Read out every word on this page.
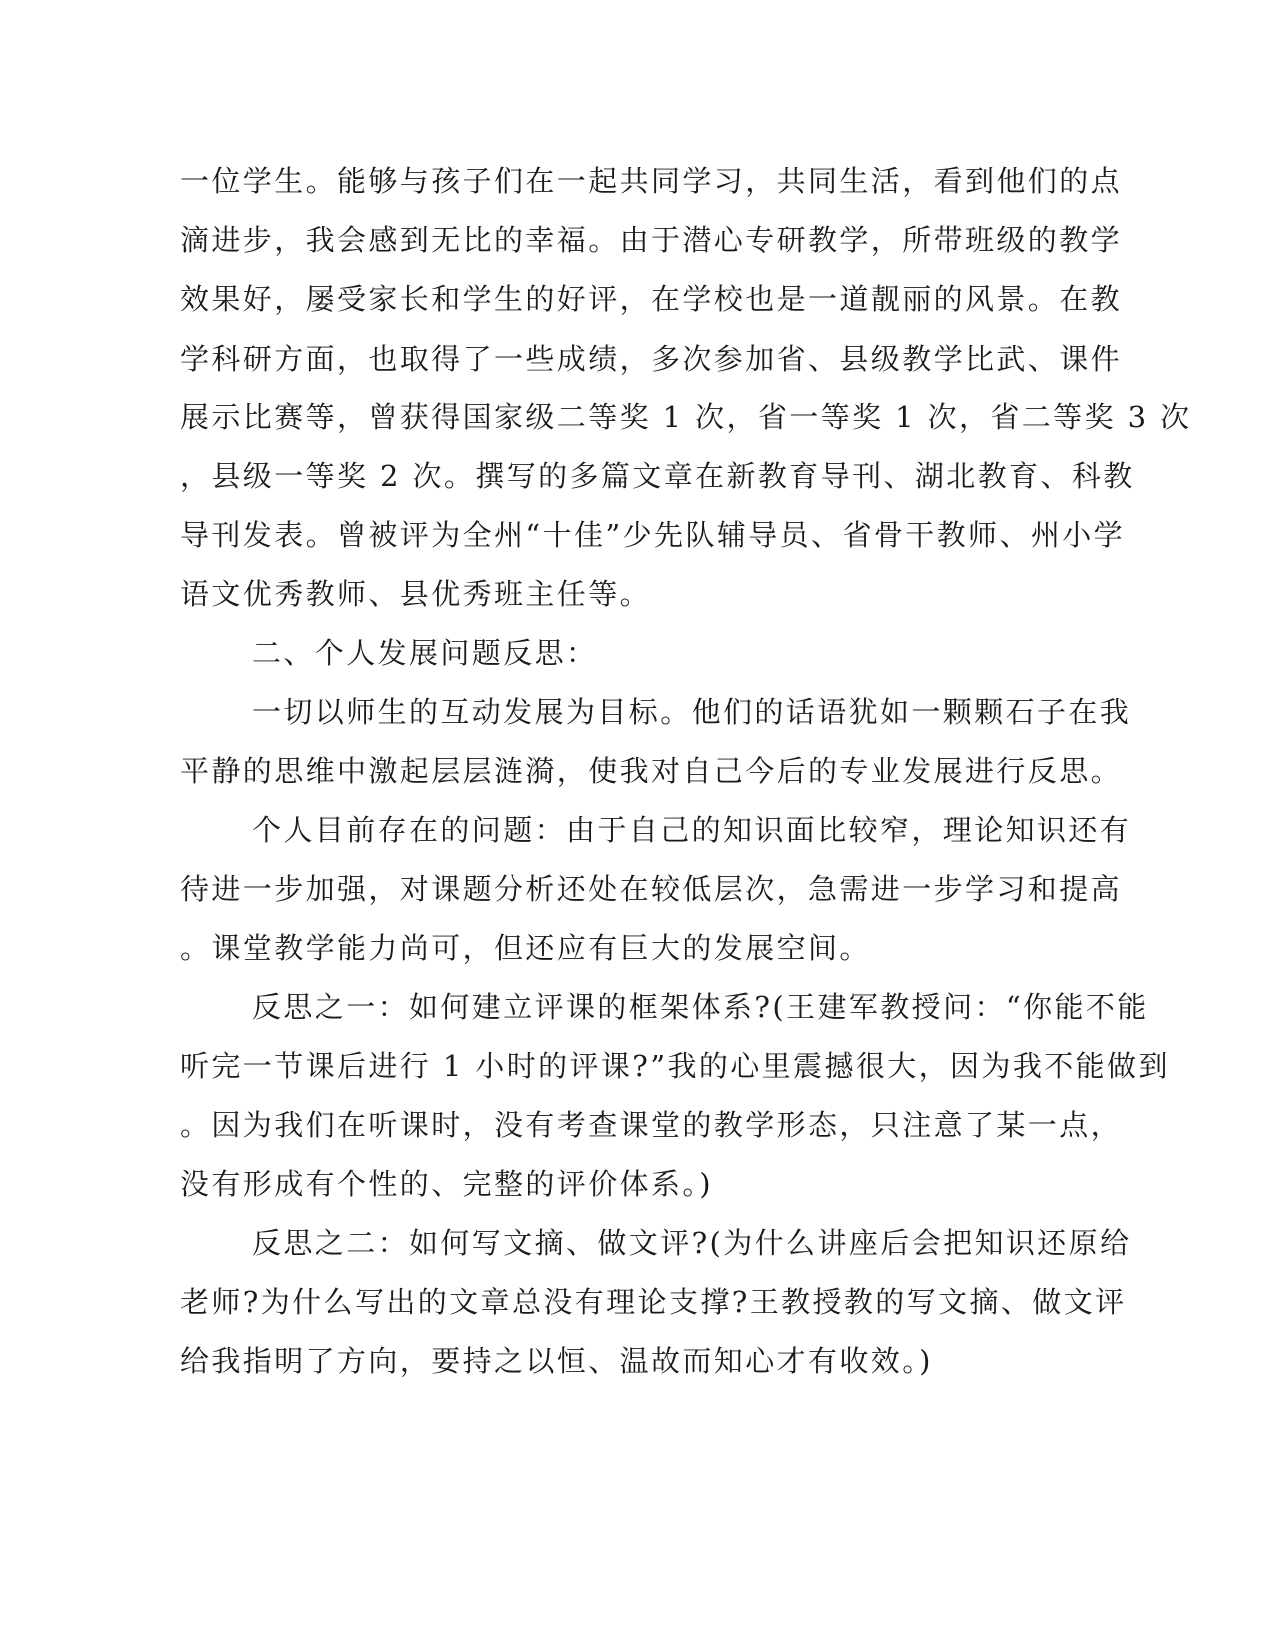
一位学生。能够与孩子们在一起共同学习，共同生活，看到他们的点
滴进步，我会感到无比的幸福。由于潜心专研教学，所带班级的教学
效果好，屡受家长和学生的好评，在学校也是一道靓丽的风景。在教
学科研方面，也取得了一些成绩，多次参加省、县级教学比武、课件
展示比赛等，曾获得国家级二等奖 1 次，省一等奖 1 次，省二等奖 3 次
，县级一等奖 2 次。撰写的多篇文章在新教育导刊、湖北教育、科教
导刊发表。曾被评为全州“十佳”少先队辅导员、省骨干教师、州小学
语文优秀教师、县优秀班主任等。
二、个人发展问题反思：
一切以师生的互动发展为目标。他们的话语犹如一颗颗石子在我
平静的思维中激起层层涟漪，使我对自己今后的专业发展进行反思。
个人目前存在的问题：由于自己的知识面比较窄，理论知识还有
待进一步加强，对课题分析还处在较低层次，急需进一步学习和提高
。课堂教学能力尚可，但还应有巨大的发展空间。
反思之一：如何建立评课的框架体系?(王建军教授问：“你能不能
听完一节课后进行 1 小时的评课?”我的心里震撼很大，因为我不能做到
。因为我们在听课时，没有考查课堂的教学形态，只注意了某一点，
没有形成有个性的、完整的评价体系。)
反思之二：如何写文摘、做文评?(为什么讲座后会把知识还原给
老师?为什么写出的文章总没有理论支撑?王教授教的写文摘、做文评
给我指明了方向，要持之以恒、温故而知心才有收效。)
